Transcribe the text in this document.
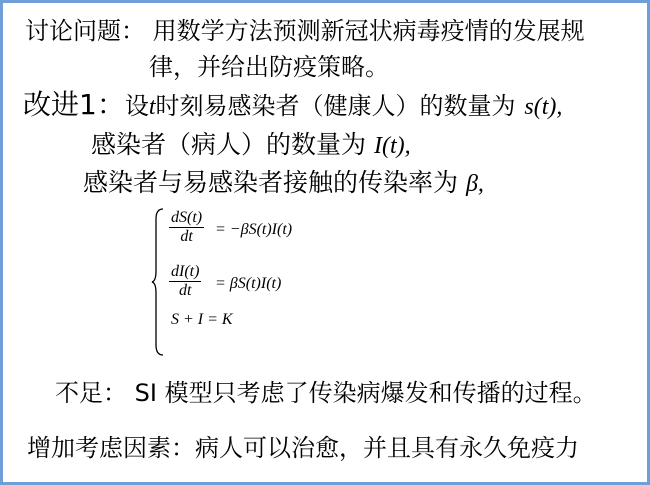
讨论问题： 用数学方法预测新冠状病毒疫情的发展规
律，并给出防疫策略。
改进1：设t时刻易感染者（健康人）的数量为 s(t),
感染者（病人）的数量为 I(t),
感染者与易感染者接触的传染率为 β,
$\frac{dS(t)}{dt} = -\beta S(t)I(t)$
$\frac{dI(t)}{dt} = \beta S(t)I(t)$
S + I = K
不足： SI 模型只考虑了传染病爆发和传播的过程。
增加考虑因素：病人可以治愈，并且具有永久免疫力
